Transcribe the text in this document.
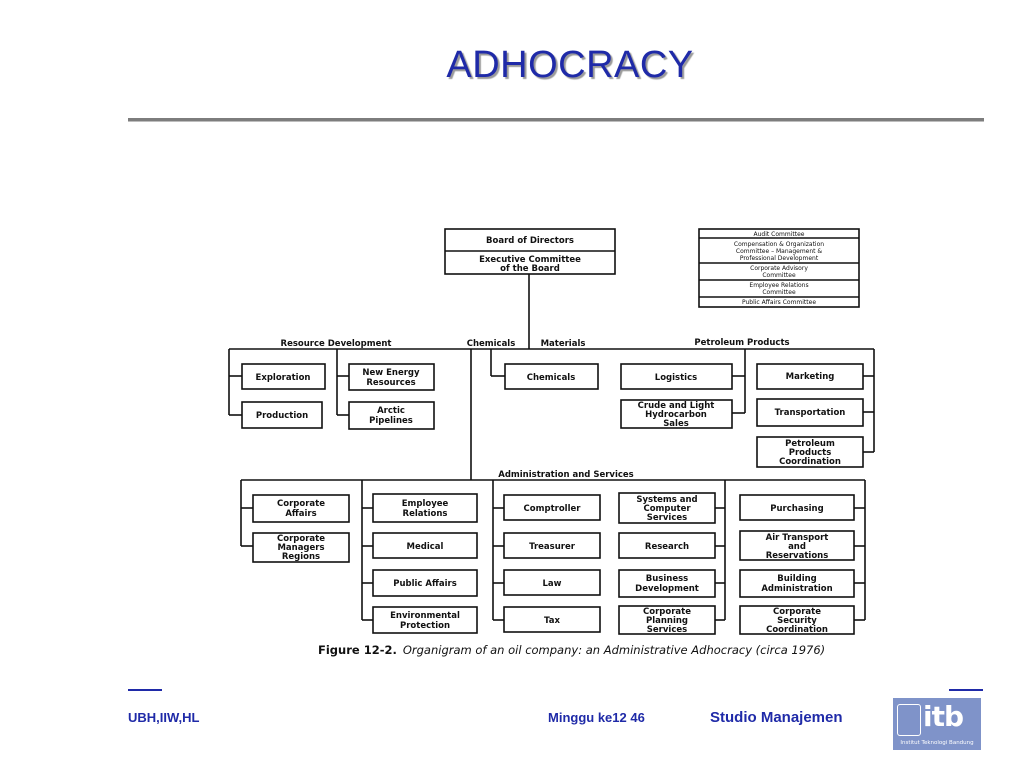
ADHOCRACY
Board of Directors
Executive Committee
of the Board
Audit Committee
Compensation & Organization
Committee – Management &
Professional Development
Corporate Advisory
Committee
Employee Relations
Committee
Public Affairs Committee
Resource Development	Chemicals	Materials	Petroleum Products
Administration and Services
Exploration
Production
New Energy
Resources
Arctic
Pipelines
Chemicals	Logistics
Crude and Light
Hydrocarbon
Sales
Marketing
Transportation
Petroleum
Products
Coordination
Corporate
Affairs
Corporate
Managers
Regions
Employee
Relations
Medical
Public Affairs
Environmental
Protection
Comptroller
Treasurer
Law
Tax
Systems and
Computer
Services
Research
Business
Development
Corporate
Planning
Services
Purchasing
Air Transport
and
Reservations
Building
Administration
Corporate
Security
Coordination
Figure 12-2. Organigram of an oil company: an Administrative Adhocracy (circa 1976)
UBH,IIW,HL	Minggu ke12 46	Studio Manajemen	itb
Institut Teknologi Bandung
